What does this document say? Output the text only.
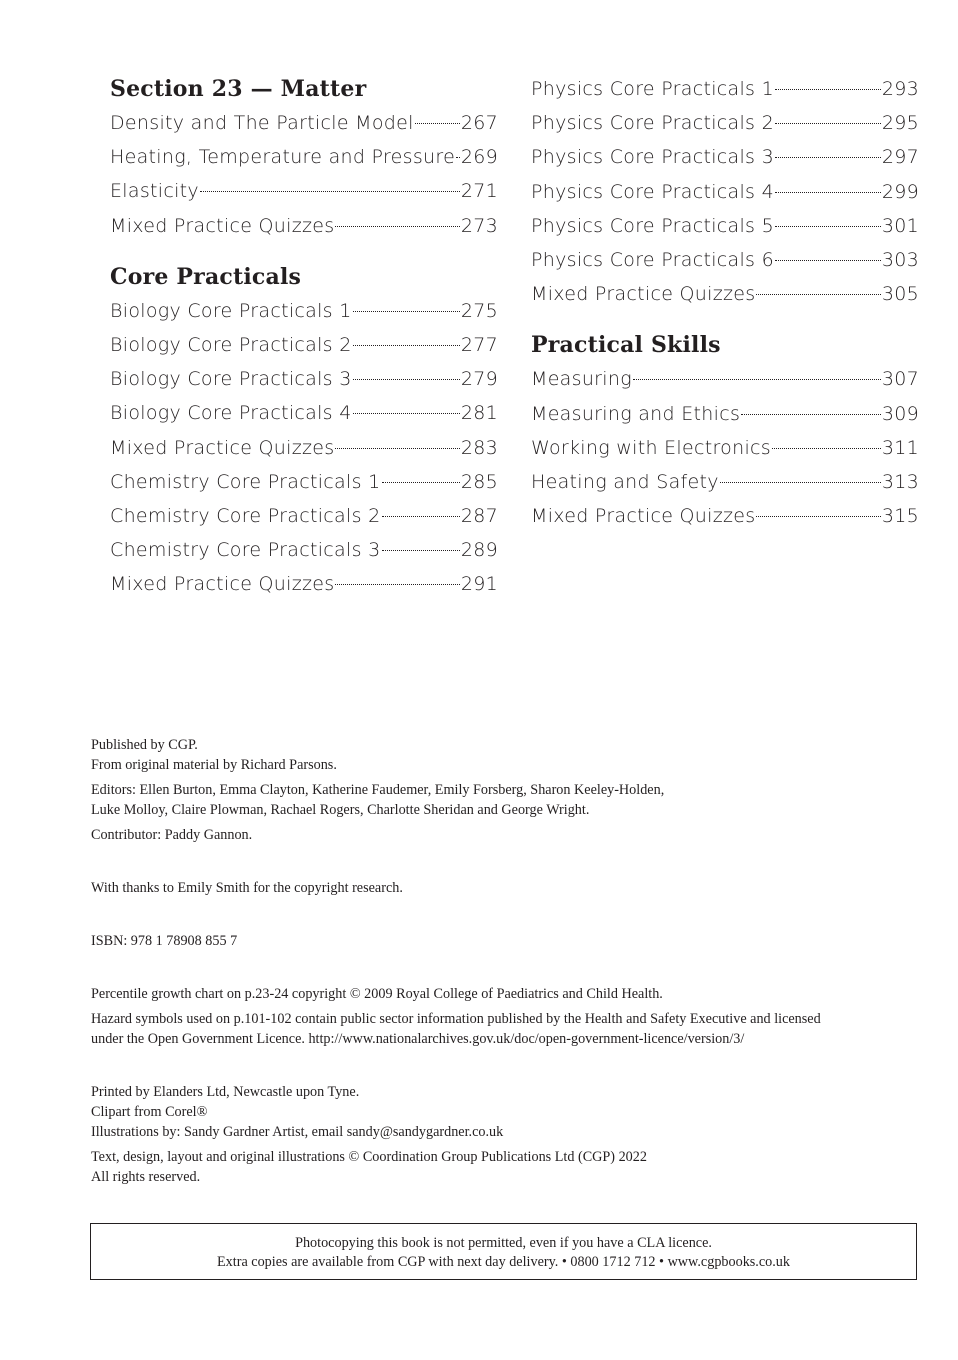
Section 23 — Matter
Density and The Particle Model 267
Heating, Temperature and Pressure 269
Elasticity	271
Mixed Practice Quizzes	273
Core Practicals
Biology Core Practicals 1	275
Biology Core Practicals 2	277
Biology Core Practicals 3	279
Biology Core Practicals 4	281
Mixed Practice Quizzes	283
Chemistry Core Practicals 1	285
Chemistry Core Practicals 2	287
Chemistry Core Practicals 3	289
Mixed Practice Quizzes	291
Physics Core Practicals 1	293
Physics Core Practicals 2	295
Physics Core Practicals 3	297
Physics Core Practicals 4	299
Physics Core Practicals 5	301
Physics Core Practicals 6	303
Mixed Practice Quizzes	305
Practical Skills
Measuring	307
Measuring and Ethics	309
Working with Electronics	311
Heating and Safety	313
Mixed Practice Quizzes	315

Published by CGP.

From original material by Richard Parsons.

Editors: Ellen Burton, Emma Clayton, Katherine Faudemer, Emily Forsberg, Sharon Keeley-Holden,

Luke Molloy, Claire Plowman, Rachael Rogers, Charlotte Sheridan and George Wright.

Contributor: Paddy Gannon.

With thanks to Emily Smith for the copyright research.

ISBN: 978 1 78908 855 7

Percentile growth chart on p.23-24 copyright © 2009 Royal College of Paediatrics and Child Health.

Hazard symbols used on p.101-102 contain public sector information published by the Health and Safety Executive and licensed

under the Open Government Licence. http://www.nationalarchives.gov.uk/doc/open-government-licence/version/3/

Printed by Elanders Ltd, Newcastle upon Tyne.

Clipart from Corel®

Illustrations by: Sandy Gardner Artist, email sandy@sandygardner.co.uk

Text, design, layout and original illustrations © Coordination Group Publications Ltd (CGP) 2022

All rights reserved.

Photocopying this book is not permitted, even if you have a CLA licence.
Extra copies are available from CGP with next day delivery. • 0800 1712 712 • www.cgpbooks.co.uk
